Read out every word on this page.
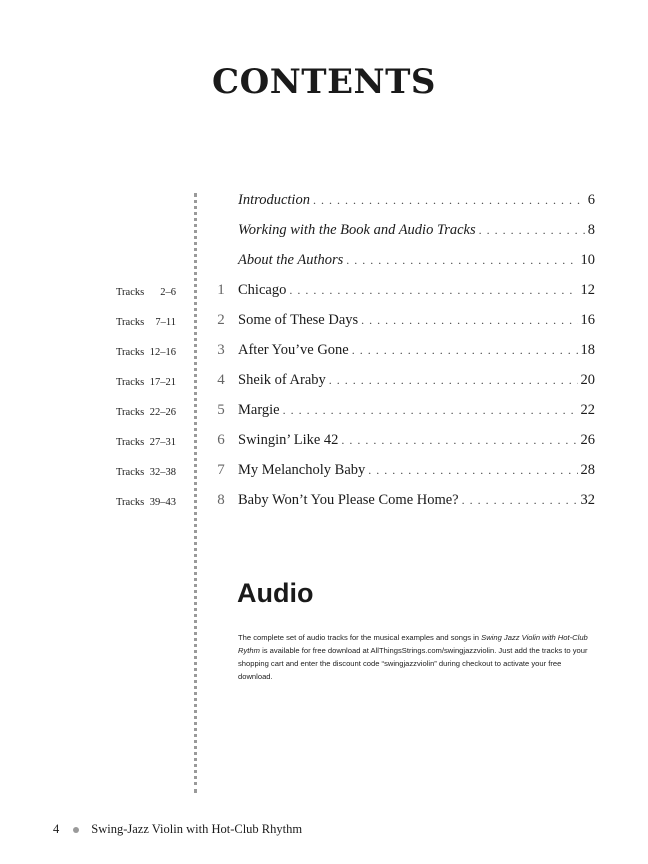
CONTENTS
Introduction . . .	6
Working with the Book and Audio Tracks . . .	8
About the Authors . . .	10
Tracks 2–6	1 Chicago . . .	12
Tracks 7–11	2 Some of These Days . . .	16
Tracks 12–16	3 After You’ve Gone . . .	18
Tracks 17–21	4 Sheik of Araby . . .	20
Tracks 22–26	5 Margie . . .	22
Tracks 27–31	6 Swingin’ Like 42 . . .	26
Tracks 32–38	7 My Melancholy Baby . . .	28
Tracks 39–43	8 Baby Won’t You Please Come Home? . . .	32
Audio
The complete set of audio tracks for the musical examples and songs in Swing Jazz Violin with Hot-Club Rythm is available for free download at AllThingsStrings.com/swingjazzviolin. Just add the tracks to your shopping cart and enter the discount code “swingjazzviolin” during checkout to activate your free download.
4	Swing-Jazz Violin with Hot-Club Rhythm
